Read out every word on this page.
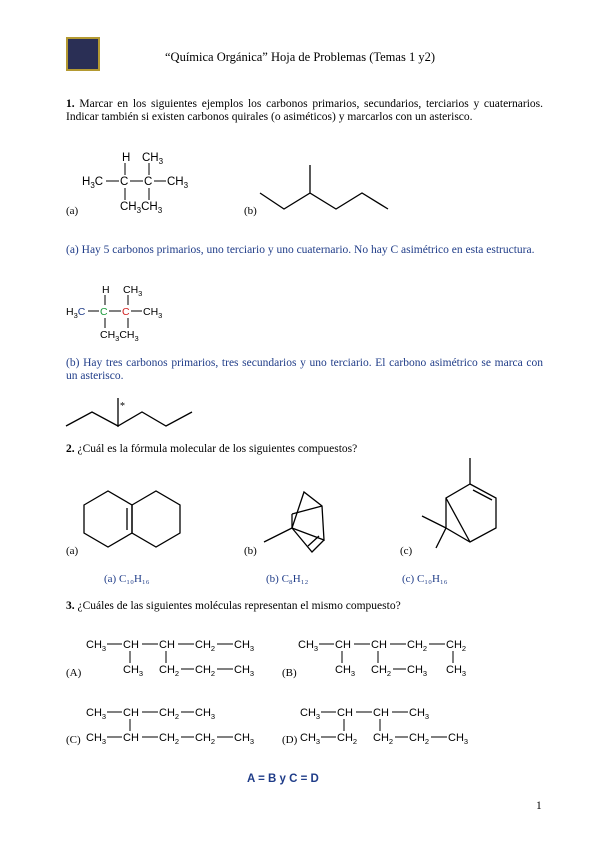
“Química Orgánica” Hoja de Problemas (Temas 1 y2)
1. Marcar en los siguientes ejemplos los carbonos primarios, secundarios, terciarios y cuaternarios. Indicar también si existen carbonos quirales (o asiméticos) y marcarlos con un asterisco.
H $CH_3$
$H_3C$ C C $CH_3$
$CH_3CH_3$
(a)	(b)
(a) Hay 5 carbonos primarios, uno terciario y uno cuaternario. No hay C asimétrico en esta estructura.
H $CH_3$
$H_3C$ C C $CH_3$
$CH_3CH_3$
(b) Hay tres carbonos primarios, tres secundarios y uno terciario. El carbono asimétrico se marca con un asterisco.
*
2. ¿Cuál es la fórmula molecular de los siguientes compuestos?
(a)	(b)	(c)
(a) C₁₀H₁₆	(b) C₈H₁₂	(c) C₁₀H₁₆
3. ¿Cuáles de las siguientes moléculas representan el mismo compuesto?
$CH_3$ CH CH $CH_2$ $CH_3$
$CH_3$ $CH_2$ $CH_2$ $CH_3$
(A)
$CH_3$ CH CH $CH_2$ $CH_2$
$CH_3$ $CH_2$ $CH_3$ $CH_3$
(B)
$CH_3$ CH $CH_2$ $CH_3$
$CH_3$ CH $CH_2$ $CH_2$ $CH_3$
(C)
$CH_3$ CH CH $CH_3$
$CH_3$ $CH_2$ $CH_2$ $CH_2$ $CH_3$
(D)
A = B y C = D
1
